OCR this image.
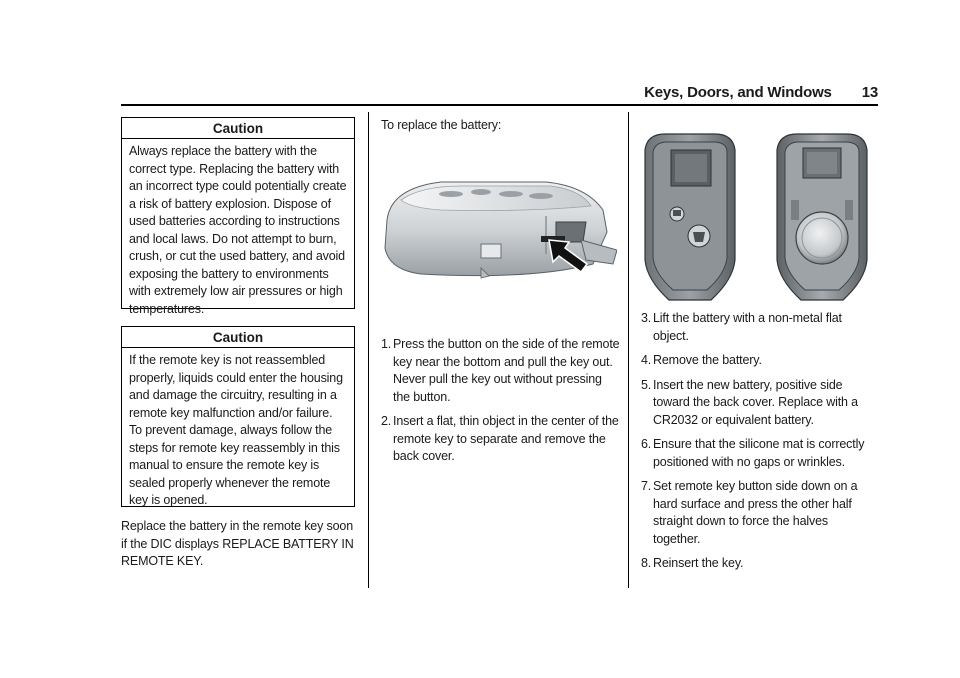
Keys, Doors, and Windows 13
Caution
Always replace the battery with the correct type. Replacing the battery with an incorrect type could potentially create a risk of battery explosion. Dispose of used batteries according to instructions and local laws. Do not attempt to burn, crush, or cut the used battery, and avoid exposing the battery to environments with extremely low air pressures or high temperatures.
Caution
If the remote key is not reassembled properly, liquids could enter the housing and damage the circuitry, resulting in a remote key malfunction and/or failure. To prevent damage, always follow the steps for remote key reassembly in this manual to ensure the remote key is sealed properly whenever the remote key is opened.
Replace the battery in the remote key soon if the DIC displays REPLACE BATTERY IN REMOTE KEY.
To replace the battery:
1. Press the button on the side of the remote key near the bottom and pull the key out. Never pull the key out without pressing the button.
2. Insert a flat, thin object in the center of the remote key to separate and remove the back cover.
3. Lift the battery with a non-metal flat object.
4. Remove the battery.
5. Insert the new battery, positive side toward the back cover. Replace with a CR2032 or equivalent battery.
6. Ensure that the silicone mat is correctly positioned with no gaps or wrinkles.
7. Set remote key button side down on a hard surface and press the other half straight down to force the halves together.
8. Reinsert the key.
